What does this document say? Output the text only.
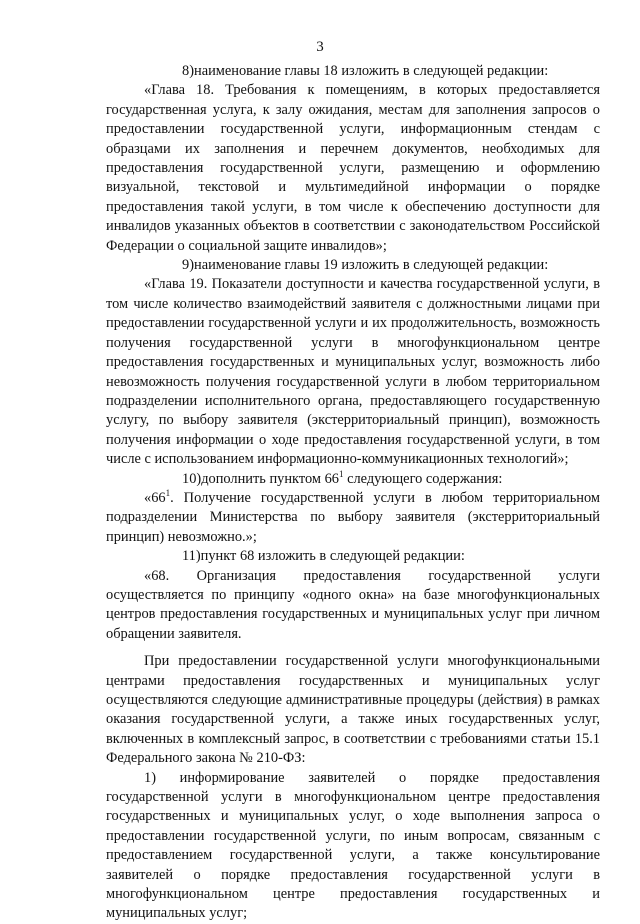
3

8)наименование главы 18 изложить в следующей редакции:

«Глава 18. Требования к помещениям, в которых предоставляется государственная услуга, к залу ожидания, местам для заполнения запросов о предоставлении государственной услуги, информационным стендам с образцами их заполнения и перечнем документов, необходимых для предоставления государственной услуги, размещению и оформлению визуальной, текстовой и мультимедийной информации о порядке предоставления такой услуги, в том числе к обеспечению доступности для инвалидов указанных объектов в соответствии с законодательством Российской Федерации о социальной защите инвалидов»;

9)наименование главы 19 изложить в следующей редакции:

«Глава 19. Показатели доступности и качества государственной услуги, в том числе количество взаимодействий заявителя с должностными лицами при предоставлении государственной услуги и их продолжительность, возможность получения государственной услуги в многофункциональном центре предоставления государственных и муниципальных услуг, возможность либо невозможность получения государственной услуги в любом территориальном подразделении исполнительного органа, предоставляющего государственную услугу, по выбору заявителя (экстерриториальный принцип), возможность получения информации о ходе предоставления государственной услуги, в том числе с использованием информационно-коммуникационных технологий»;

10)дополнить пунктом $66^1$ следующего содержания:

«$66^1$. Получение государственной услуги в любом территориальном подразделении Министерства по выбору заявителя (экстерриториальный принцип) невозможно.»;

11)пункт 68 изложить в следующей редакции:

«68. Организация предоставления государственной услуги осуществляется по принципу «одного окна» на базе многофункциональных центров предоставления государственных и муниципальных услуг при личном обращении заявителя.

При предоставлении государственной услуги многофункциональными центрами предоставления государственных и муниципальных услуг осуществляются следующие административные процедуры (действия) в рамках оказания государственной услуги, а также иных государственных услуг, включенных в комплексный запрос, в соответствии с требованиями статьи 15.1 Федерального закона № 210-ФЗ:

1) информирование заявителей о порядке предоставления государственной услуги в многофункциональном центре предоставления государственных и муниципальных услуг, о ходе выполнения запроса о предоставлении государственной услуги, по иным вопросам, связанным с предоставлением государственной услуги, а также консультирование заявителей о порядке предоставления государственной услуги в многофункциональном центре предоставления государственных и муниципальных услуг;
